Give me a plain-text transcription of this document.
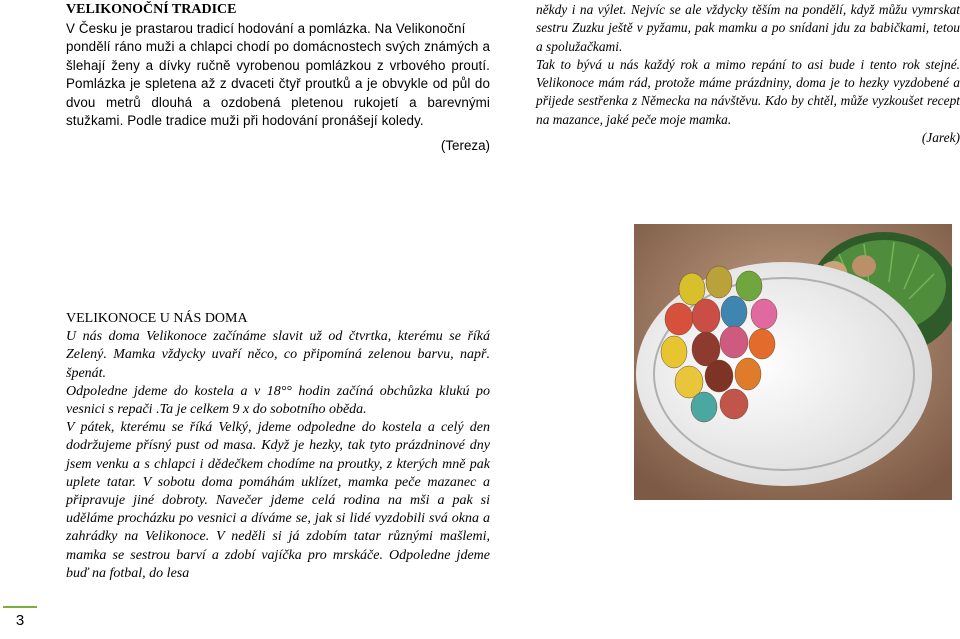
VELIKONOČNÍ TRADICE
V Česku je prastarou tradicí hodování a pomlázka. Na Velikonoční
pondělí ráno muži a chlapci chodí po domácnostech svých známých a šlehají ženy a dívky ručně vyrobenou pomlázkou z vrbového proutí. Pomlázka je spletena až z dvaceti čtyř proutků a je obvykle od půl do dvou metrů dlouhá a ozdobená pletenou rukojetí a barevnými stužkami. Podle tradice muži při hodování pronášejí koledy.
(Tereza)
někdy i na výlet. Nejvíc se ale vždycky těším na pondělí, když můžu vymrskat sestru Zuzku ještě v pyžamu, pak mamku a po snídani jdu za babičkami, tetou a spolužačkami.
Tak to bývá u nás každý rok a mimo repání to asi bude i tento rok stejné. Velikonoce mám rád, protože máme prázdniny, doma je to hezky vyzdobené a přijede sestřenka z Německa na návštěvu. Kdo by chtěl, může vyzkoušet recept na mazance, jaké peče moje mamka.
(Jarek)
VELIKONOCE U NÁS DOMA
U nás doma Velikonoce začínáme slavit už od čtvrtka, kterému se říká Zelený. Mamka vždycky uvaří něco, co připomíná zelenou barvu, např. špenát.
Odpoledne jdeme do kostela a v 18°° hodin začíná obchůzka klukú po vesnici s repači .Ta je celkem 9 x do sobotního oběda.
V pátek, kterému se říká Velký, jdeme odpoledne do kostela a celý den dodržujeme přísný pust od masa. Když je hezky, tak tyto prázdninové dny jsem venku a s chlapci i dědečkem chodíme na proutky, z kterých mně pak uplete tatar. V sobotu doma pomáhám uklízet, mamka peče mazanec a připravuje jiné dobroty. Navečer jdeme celá rodina na mši a pak si uděláme procházku po vesnici a díváme se, jak si lidé vyzdobili svá okna a zahrádky na Velikonoce. V neděli si já zdobím tatar různými mašlemi, mamka se sestrou barví a zdobí vajíčka pro mrskáče. Odpoledne jdeme buď na fotbal, do lesa
3
